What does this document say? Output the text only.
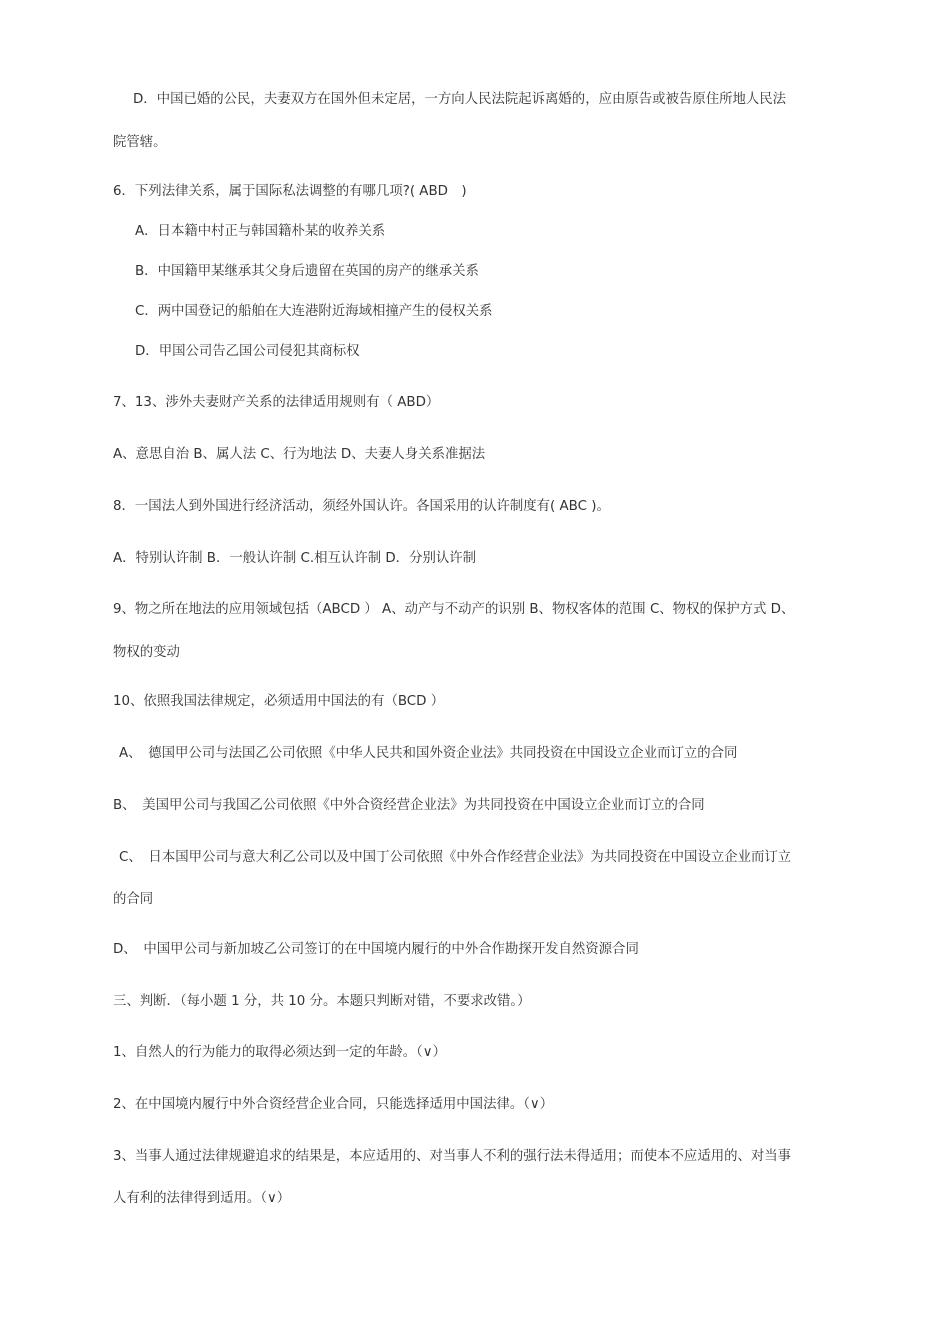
D．中国已婚的公民，夫妻双方在国外但未定居，一方向人民法院起诉离婚的，应由原告或被告原住所地人民法
院管辖。
6．下列法律关系，属于国际私法调整的有哪几项?( ABD　)
A．日本籍中村正与韩国籍朴某的收养关系
B．中国籍甲某继承其父身后遗留在英国的房产的继承关系
C．两中国登记的船舶在大连港附近海域相撞产生的侵权关系
D．甲国公司告乙国公司侵犯其商标权
7、13、涉外夫妻财产关系的法律适用规则有（ ABD）
A、意思自治 B、属人法 C、行为地法 D、夫妻人身关系准据法
8．一国法人到外国进行经济活动，须经外国认许。各国采用的认许制度有( ABC )。
A．特别认许制 B．一般认许制 C.相互认许制 D．分别认许制
9、物之所在地法的应用领域包括（ABCD ） A、动产与不动产的识别 B、物权客体的范围 C、物权的保护方式 D、
物权的变动
10、依照我国法律规定，必须适用中国法的有（BCD ）
A、　德国甲公司与法国乙公司依照《中华人民共和国外资企业法》共同投资在中国设立企业而订立的合同
B、　美国甲公司与我国乙公司依照《中外合资经营企业法》为共同投资在中国设立企业而订立的合同
C、　日本国甲公司与意大利乙公司以及中国丁公司依照《中外合作经营企业法》为共同投资在中国设立企业而订立
的合同
D、　中国甲公司与新加坡乙公司签订的在中国境内履行的中外合作勘探开发自然资源合同
三、判断．（每小题 1 分，共 10 分。本题只判断对错，不要求改错。）
1、自然人的行为能力的取得必须达到一定的年龄。（∨）
2、在中国境内履行中外合资经营企业合同，只能选择适用中国法律。（∨）
3、当事人通过法律规避追求的结果是，本应适用的、对当事人不利的强行法未得适用；而使本不应适用的、对当事
人有利的法律得到适用。（∨）
